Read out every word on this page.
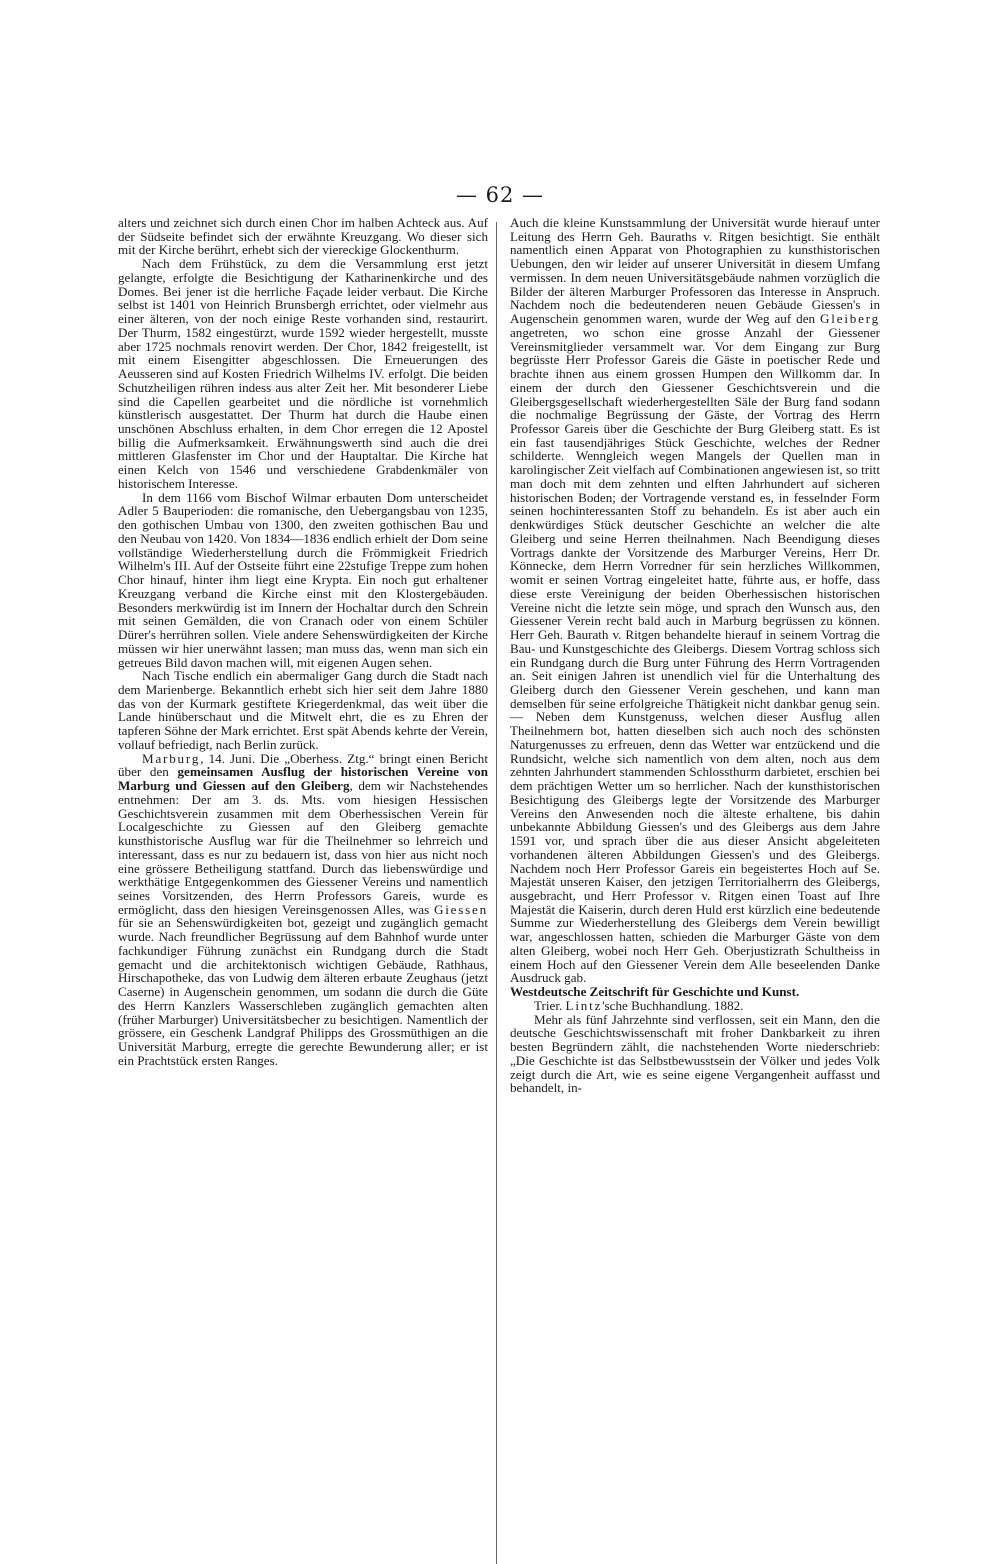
— 62 —

alters und zeichnet sich durch einen Chor im halben Achteck aus. Auf der Südseite befindet sich der erwähnte Kreuzgang. Wo dieser sich mit der Kirche berührt, erhebt sich der viereckige Glockenthurm.

Nach dem Frühstück, zu dem die Versammlung erst jetzt gelangte, erfolgte die Besichtigung der Katharinenkirche und des Domes. Bei jener ist die herrliche Façade leider verbaut. Die Kirche selbst ist 1401 von Heinrich Brunsbergh errichtet, oder vielmehr aus einer älteren, von der noch einige Reste vorhanden sind, restaurirt. Der Thurm, 1582 eingestürzt, wurde 1592 wieder hergestellt, musste aber 1725 nochmals renovirt werden. Der Chor, 1842 freigestellt, ist mit einem Eisengitter abgeschlossen. Die Erneuerungen des Aeusseren sind auf Kosten Friedrich Wilhelms IV. erfolgt. Die beiden Schutzheiligen rühren indess aus alter Zeit her. Mit besonderer Liebe sind die Capellen gearbeitet und die nördliche ist vornehmlich künstlerisch ausgestattet. Der Thurm hat durch die Haube einen unschönen Abschluss erhalten, in dem Chor erregen die 12 Apostel billig die Aufmerksamkeit. Erwähnungswerth sind auch die drei mittleren Glasfenster im Chor und der Hauptaltar. Die Kirche hat einen Kelch von 1546 und verschiedene Grabdenkmäler von historischem Interesse.

In dem 1166 vom Bischof Wilmar erbauten Dom unterscheidet Adler 5 Bauperioden: die romanische, den Uebergangsbau von 1235, den gothischen Umbau von 1300, den zweiten gothischen Bau und den Neubau von 1420. Von 1834—1836 endlich erhielt der Dom seine vollständige Wiederherstellung durch die Frömmigkeit Friedrich Wilhelm's III. Auf der Ostseite führt eine 22stufige Treppe zum hohen Chor hinauf, hinter ihm liegt eine Krypta. Ein noch gut erhaltener Kreuzgang verband die Kirche einst mit den Klostergebäuden. Besonders merkwürdig ist im Innern der Hochaltar durch den Schrein mit seinen Gemälden, die von Cranach oder von einem Schüler Dürer's herrühren sollen. Viele andere Sehenswürdigkeiten der Kirche müssen wir hier unerwähnt lassen; man muss das, wenn man sich ein getreues Bild davon machen will, mit eigenen Augen sehen.

Nach Tische endlich ein abermaliger Gang durch die Stadt nach dem Marienberge. Bekanntlich erhebt sich hier seit dem Jahre 1880 das von der Kurmark gestiftete Kriegerdenkmal, das weit über die Lande hinüberschaut und die Mitwelt ehrt, die es zu Ehren der tapferen Söhne der Mark errichtet. Erst spät Abends kehrte der Verein, vollauf befriedigt, nach Berlin zurück.

Marburg, 14. Juni. Die „Oberhess. Ztg.“ bringt einen Bericht über den gemeinsamen Ausflug der historischen Vereine von Marburg und Giessen auf den Gleiberg, dem wir Nachstehendes entnehmen: Der am 3. ds. Mts. vom hiesigen Hessischen Geschichtsverein zusammen mit dem Oberhessischen Verein für Localgeschichte zu Giessen auf den Gleiberg gemachte kunsthistorische Ausflug war für die Theilnehmer so lehrreich und interessant, dass es nur zu bedauern ist, dass von hier aus nicht noch eine grössere Betheiligung stattfand. Durch das liebenswürdige und werkthätige Entgegenkommen des Giessener Vereins und namentlich seines Vorsitzenden, des Herrn Professors Gareis, wurde es ermöglicht, dass den hiesigen Vereinsgenossen Alles, was Giessen für sie an Sehenswürdigkeiten bot, gezeigt und zugänglich gemacht wurde. Nach freundlicher Begrüssung auf dem Bahnhof wurde unter fachkundiger Führung zunächst ein Rundgang durch die Stadt gemacht und die architektonisch wichtigen Gebäude, Rathhaus, Hirschapotheke, das von Ludwig dem älteren erbaute Zeughaus (jetzt Caserne) in Augenschein genommen, um sodann die durch die Güte des Herrn Kanzlers Wasserschleben zugänglich gemachten alten (früher Marburger) Universitätsbecher zu besichtigen. Namentlich der grössere, ein Geschenk Landgraf Philipps des Grossmüthigen an die Universität Marburg, erregte die gerechte Bewunderung aller; er ist ein Prachtstück ersten Ranges.

Auch die kleine Kunstsammlung der Universität wurde hierauf unter Leitung des Herrn Geh. Bauraths v. Ritgen besichtigt. Sie enthält namentlich einen Apparat von Photographien zu kunsthistorischen Uebungen, den wir leider auf unserer Universität in diesem Umfang vermissen. In dem neuen Universitätsgebäude nahmen vorzüglich die Bilder der älteren Marburger Professoren das Interesse in Anspruch. Nachdem noch die bedeutenderen neuen Gebäude Giessen's in Augenschein genommen waren, wurde der Weg auf den Gleiberg angetreten, wo schon eine grosse Anzahl der Giessener Vereinsmitglieder versammelt war. Vor dem Eingang zur Burg begrüsste Herr Professor Gareis die Gäste in poetischer Rede und brachte ihnen aus einem grossen Humpen den Willkomm dar. In einem der durch den Giessener Geschichtsverein und die Gleibergsgesellschaft wiederhergestellten Säle der Burg fand sodann die nochmalige Begrüssung der Gäste, der Vortrag des Herrn Professor Gareis über die Geschichte der Burg Gleiberg statt. Es ist ein fast tausendjähriges Stück Geschichte, welches der Redner schilderte. Wenngleich wegen Mangels der Quellen man in karolingischer Zeit vielfach auf Combinationen angewiesen ist, so tritt man doch mit dem zehnten und elften Jahrhundert auf sicheren historischen Boden; der Vortragende verstand es, in fesselnder Form seinen hochinteressanten Stoff zu behandeln. Es ist aber auch ein denkwürdiges Stück deutscher Geschichte an welcher die alte Gleiberg und seine Herren theilnahmen. Nach Beendigung dieses Vortrags dankte der Vorsitzende des Marburger Vereins, Herr Dr. Könnecke, dem Herrn Vorredner für sein herzliches Willkommen, womit er seinen Vortrag eingeleitet hatte, führte aus, er hoffe, dass diese erste Vereinigung der beiden Oberhessischen historischen Vereine nicht die letzte sein möge, und sprach den Wunsch aus, den Giessener Verein recht bald auch in Marburg begrüssen zu können. Herr Geh. Baurath v. Ritgen behandelte hierauf in seinem Vortrag die Bau- und Kunstgeschichte des Gleibergs. Diesem Vortrag schloss sich ein Rundgang durch die Burg unter Führung des Herrn Vortragenden an. Seit einigen Jahren ist unendlich viel für die Unterhaltung des Gleiberg durch den Giessener Verein geschehen, und kann man demselben für seine erfolgreiche Thätigkeit nicht dankbar genug sein. — Neben dem Kunstgenuss, welchen dieser Ausflug allen Theilnehmern bot, hatten dieselben sich auch noch des schönsten Naturgenusses zu erfreuen, denn das Wetter war entzückend und die Rundsicht, welche sich namentlich von dem alten, noch aus dem zehnten Jahrhundert stammenden Schlossthurm darbietet, erschien bei dem prächtigen Wetter um so herrlicher. Nach der kunsthistorischen Besichtigung des Gleibergs legte der Vorsitzende des Marburger Vereins den Anwesenden noch die älteste erhaltene, bis dahin unbekannte Abbildung Giessen's und des Gleibergs aus dem Jahre 1591 vor, und sprach über die aus dieser Ansicht abgeleiteten vorhandenen älteren Abbildungen Giessen's und des Gleibergs. Nachdem noch Herr Professor Gareis ein begeistertes Hoch auf Se. Majestät unseren Kaiser, den jetzigen Territorialherrn des Gleibergs, ausgebracht, und Herr Professor v. Ritgen einen Toast auf Ihre Majestät die Kaiserin, durch deren Huld erst kürzlich eine bedeutende Summe zur Wiederherstellung des Gleibergs dem Verein bewilligt war, angeschlossen hatten, schieden die Marburger Gäste von dem alten Gleiberg, wobei noch Herr Geh. Oberjustizrath Schultheiss in einem Hoch auf den Giessener Verein dem Alle beseelenden Danke Ausdruck gab.

Westdeutsche Zeitschrift für Geschichte und Kunst.

Trier. Lintz'sche Buchhandlung. 1882.

Mehr als fünf Jahrzehnte sind verflossen, seit ein Mann, den die deutsche Geschichtswissenschaft mit froher Dankbarkeit zu ihren besten Begründern zählt, die nachstehenden Worte niederschrieb: „Die Geschichte ist das Selbstbewusstsein der Völker und jedes Volk zeigt durch die Art, wie es seine eigene Vergangenheit auffasst und behandelt, in-
